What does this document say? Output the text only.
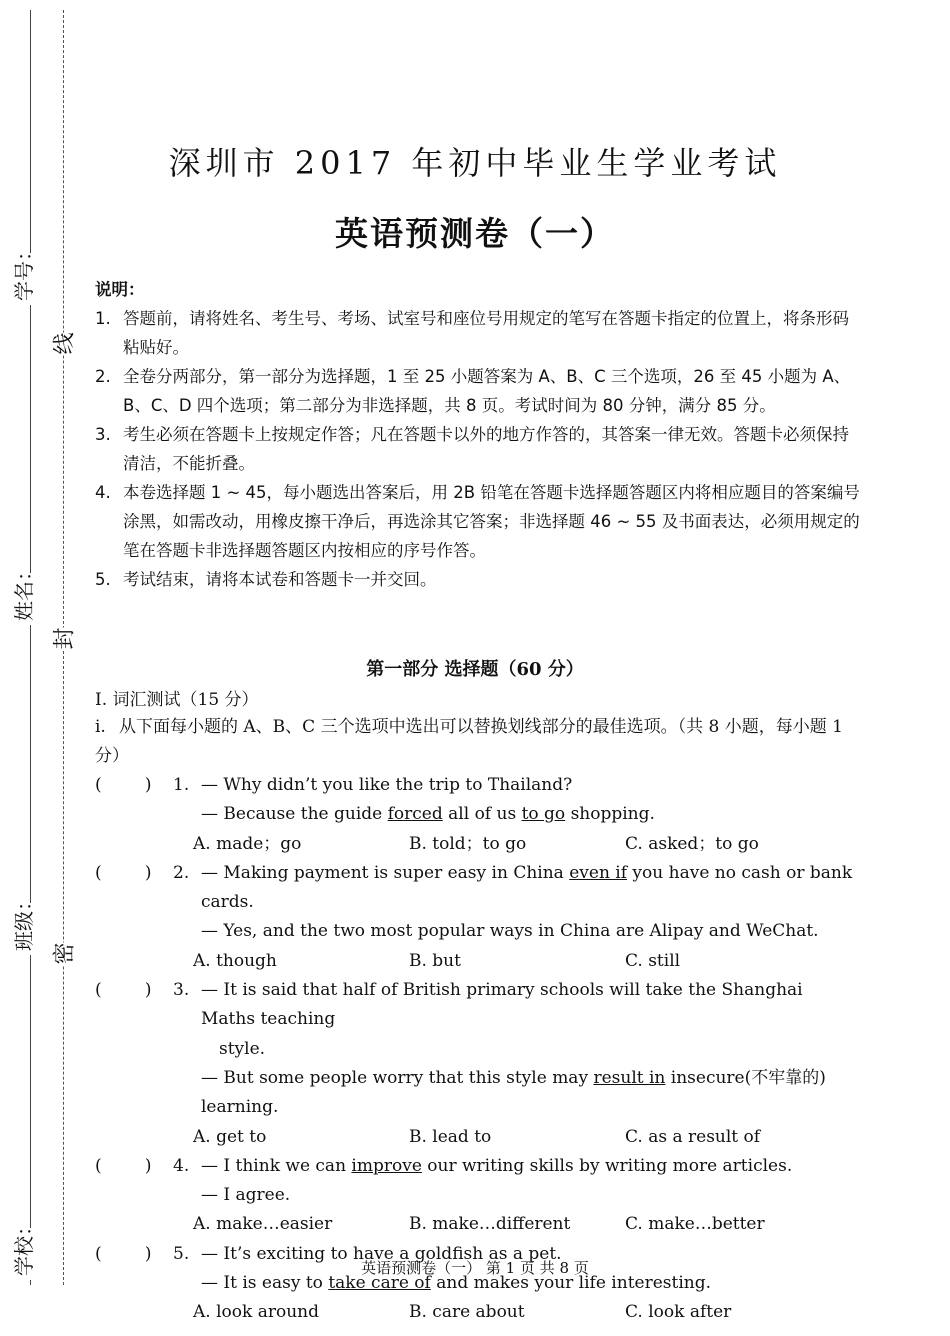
学号：
姓名：
班级：
学校：
线
封
密
深圳市 2017 年初中毕业生学业考试
英语预测卷（一）
说明：
1. 答题前，请将姓名、考生号、考场、试室号和座位号用规定的笔写在答题卡指定的位置上，将条形码粘贴好。
2. 全卷分两部分，第一部分为选择题，1 至 25 小题答案为 A、B、C 三个选项，26 至 45 小题为 A、B、C、D 四个选项；第二部分为非选择题，共 8 页。考试时间为 80 分钟，满分 85 分。
3. 考生必须在答题卡上按规定作答；凡在答题卡以外的地方作答的，其答案一律无效。答题卡必须保持清洁，不能折叠。
4. 本卷选择题 1 ~ 45，每小题选出答案后，用 2B 铅笔在答题卡选择题答题区内将相应题目的答案编号涂黑，如需改动，用橡皮擦干净后，再选涂其它答案；非选择题 46 ~ 55 及书面表达，必须用规定的笔在答题卡非选择题答题区内按相应的序号作答。
5. 考试结束，请将本试卷和答题卡一并交回。
第一部分 选择题（60 分）
Ⅰ. 词汇测试（15 分）
i. 从下面每小题的 A、B、C 三个选项中选出可以替换划线部分的最佳选项。（共 8 小题，每小题 1 分）
(        )	1. — Why didn’t you like the trip to Thailand?
— Because the guide forced all of us to go shopping.
A. made；go	B. told；to go	C. asked；to go
(        )	2. — Making payment is super easy in China even if you have no cash or bank cards.
— Yes, and the two most popular ways in China are Alipay and WeChat.
A. though	B. but	C. still
(        )	3. — It is said that half of British primary schools will take the Shanghai Maths teaching
style.
— But some people worry that this style may result in insecure(不牢靠的) learning.
A. get to	B. lead to	C. as a result of
(        )	4. — I think we can improve our writing skills by writing more articles.
— I agree.
A. make…easier	B. make…different	C. make…better
(        )	5. — It’s exciting to have a goldfish as a pet.
— It is easy to take care of and makes your life interesting.
A. look around	B. care about	C. look after
英语预测卷（一） 第 1 页 共 8 页
